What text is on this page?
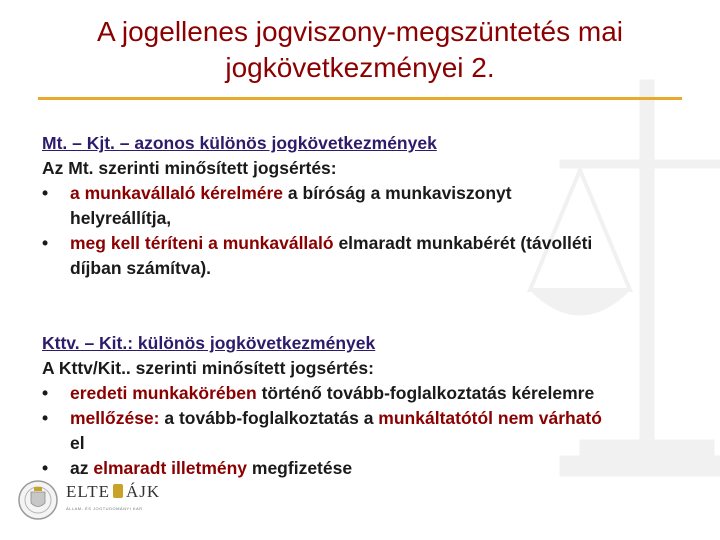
A jogellenes jogviszony-megszüntetés mai
jogkövetkezményei 2.
Mt. – Kjt. – azonos különös jogkövetkezmények
Az Mt. szerinti minősített jogsértés:
•	a munkavállaló kérelmére a bíróság a munkaviszonyt
helyreállítja,
•	meg kell téríteni a munkavállaló elmaradt munkabérét (távolléti
díjban számítva).
Kttv. – Kit.: különös jogkövetkezmények
A Kttv/Kit.. szerinti minősített jogsértés:
•	eredeti munkakörében történő tovább-foglalkoztatás kérelemre
•	mellőzése: a tovább-foglalkoztatás a munkáltatótól nem várható
el
•	az elmaradt illetmény megfizetése
ELTE ÁJK
ÁLLAM- ÉS JOGTUDOMÁNYI KAR
